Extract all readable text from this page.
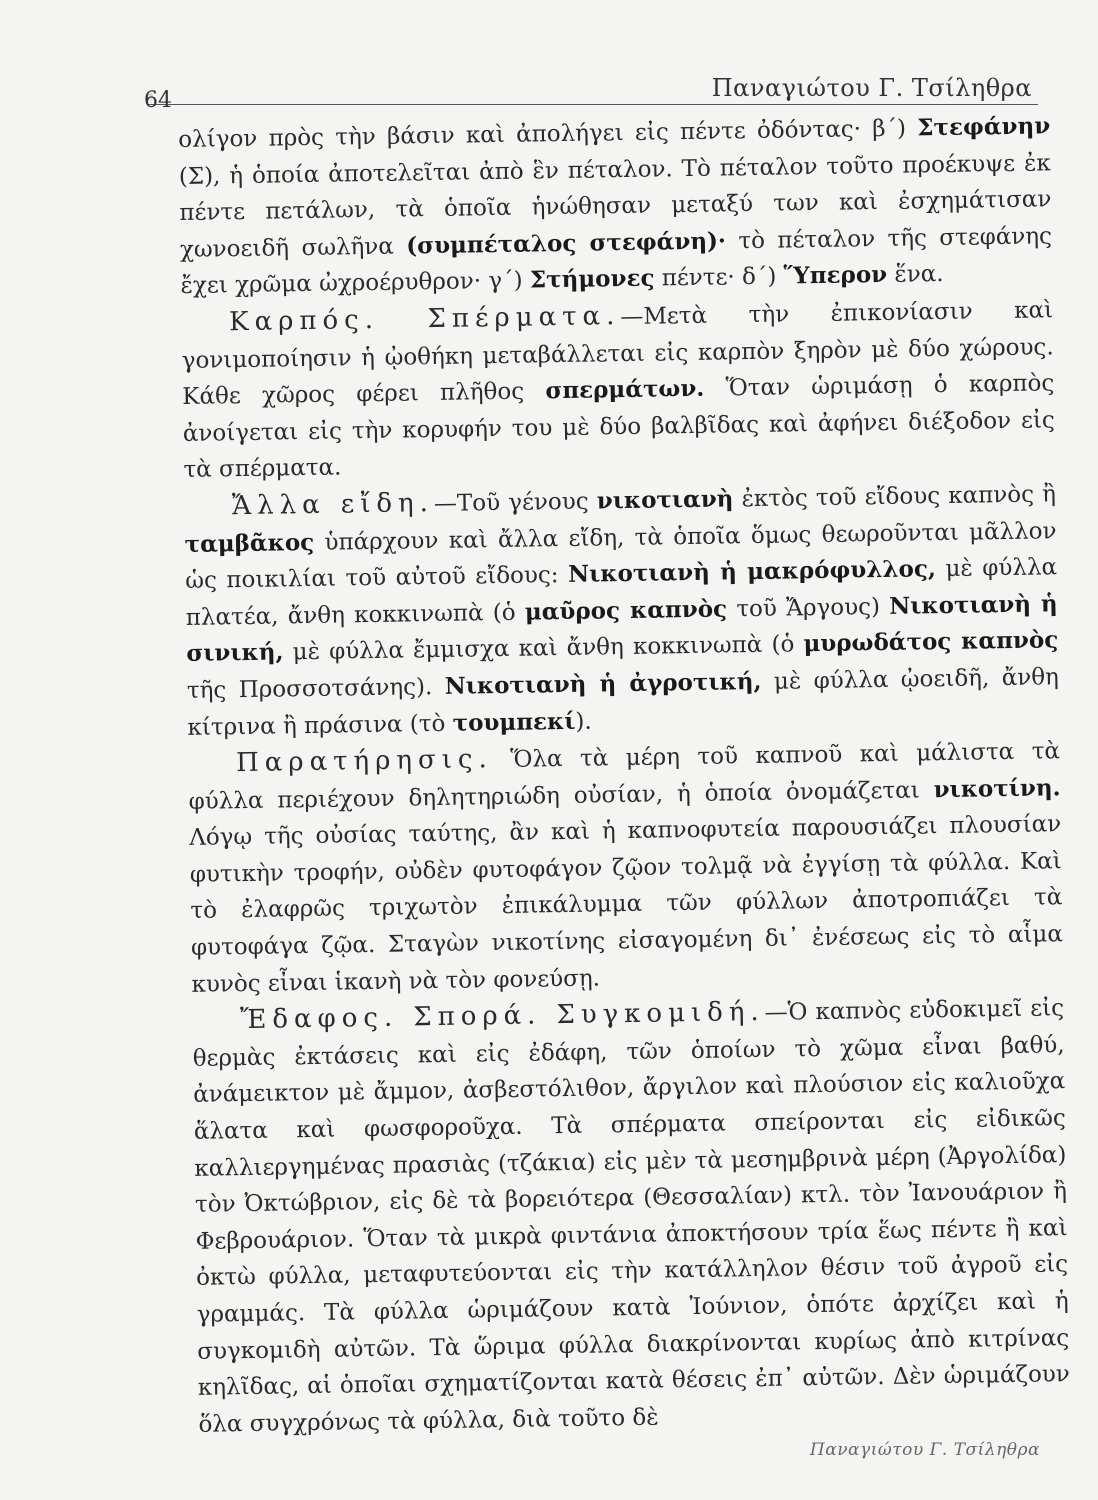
64	Παναγιώτου Γ. Τσίληθρα

ολίγον πρὸς τὴν βάσιν καὶ ἀπολήγει εἰς πέντε ὀδόντας· β΄) Στεφάνην (Σ), ἡ ὁποία ἀποτελεῖται ἀπὸ ἓν πέταλον. Τὸ πέταλον τοῦτο προέκυψε ἐκ πέντε πετάλων, τὰ ὁποῖα ἡνώθησαν μεταξύ των καὶ ἐσχημάτισαν χωνοειδῆ σωλῆνα (συμπέταλος στεφάνη)· τὸ πέταλον τῆς στεφάνης ἔχει χρῶμα ὠχροέρυθρον· γ΄) Στήμονες πέντε· δ΄) Ὕπερον ἕνα.

Καρπός. Σπέρματα.—Μετὰ τὴν ἐπικονίασιν καὶ γονιμοποίησιν ἡ ᾠοθήκη μεταβάλλεται εἰς καρπὸν ξηρὸν μὲ δύο χώρους. Κάθε χῶρος φέρει πλῆθος σπερμάτων. Ὅταν ὡριμάσῃ ὁ καρπὸς ἀνοίγεται εἰς τὴν κορυφήν του μὲ δύο βαλβῖδας καὶ ἀφήνει διέξοδον εἰς τὰ σπέρματα.

Ἄλλα εἴδη.—Τοῦ γένους νικοτιανὴ ἐκτὸς τοῦ εἴδους καπνὸς ἢ ταμβᾶκος ὑπάρχουν καὶ ἄλλα εἴδη, τὰ ὁποῖα ὅμως θεωροῦνται μᾶλλον ὡς ποικιλίαι τοῦ αὐτοῦ εἴδους: Νικοτιανὴ ἡ μακρόφυλλος, μὲ φύλλα πλατέα, ἄνθη κοκκινωπὰ (ὁ μαῦρος καπνὸς τοῦ Ἄργους) Νικοτιανὴ ἡ σινική, μὲ φύλλα ἔμμισχα καὶ ἄνθη κοκκινωπὰ (ὁ μυρωδάτος καπνὸς τῆς Προσσοτσάνης). Νικοτιανὴ ἡ ἀγροτική, μὲ φύλλα ᾠοειδῆ, ἄνθη κίτρινα ἢ πράσινα (τὸ τουμπεκί).

Παρατήρησις. Ὅλα τὰ μέρη τοῦ καπνοῦ καὶ μάλιστα τὰ φύλλα περιέχουν δηλητηριώδη οὐσίαν, ἡ ὁποία ὀνομάζεται νικοτίνη. Λόγῳ τῆς οὐσίας ταύτης, ἂν καὶ ἡ καπνοφυτεία παρουσιάζει πλουσίαν φυτικὴν τροφήν, οὐδὲν φυτοφάγον ζῷον τολμᾷ νὰ ἐγγίσῃ τὰ φύλλα. Καὶ τὸ ἐλαφρῶς τριχωτὸν ἐπικάλυμμα τῶν φύλλων ἀποτροπιάζει τὰ φυτοφάγα ζῷα. Σταγὼν νικοτίνης εἰσαγομένη δι᾽ ἐνέσεως εἰς τὸ αἷμα κυνὸς εἶναι ἱκανὴ νὰ τὸν φονεύσῃ.

Ἔδαφος. Σπορά. Συγκομιδή.—Ὁ καπνὸς εὐδοκιμεῖ εἰς θερμὰς ἐκτάσεις καὶ εἰς ἐδάφη, τῶν ὁποίων τὸ χῶμα εἶναι βαθύ, ἀνάμεικτον μὲ ἄμμον, ἀσβεστόλιθον, ἄργιλον καὶ πλούσιον εἰς καλιοῦχα ἅλατα καὶ φωσφοροῦχα. Τὰ σπέρματα σπείρονται εἰς εἰδικῶς καλλιεργημένας πρασιὰς (τζάκια) εἰς μὲν τὰ μεσημβρινὰ μέρη (Ἀργολίδα) τὸν Ὀκτώβριον, εἰς δὲ τὰ βορειότερα (Θεσσαλίαν) κτλ. τὸν Ἰανουάριον ἢ Φεβρουάριον. Ὅταν τὰ μικρὰ φιντάνια ἀποκτήσουν τρία ἕως πέντε ἢ καὶ ὀκτὼ φύλλα, μεταφυτεύονται εἰς τὴν κατάλληλον θέσιν τοῦ ἀγροῦ εἰς γραμμάς. Τὰ φύλλα ὡριμάζουν κατὰ Ἰούνιον, ὁπότε ἀρχίζει καὶ ἡ συγκομιδὴ αὐτῶν. Τὰ ὥριμα φύλλα διακρίνονται κυρίως ἀπὸ κιτρίνας κηλῖδας, αἱ ὁποῖαι σχηματίζονται κατὰ θέσεις ἐπ᾽ αὐτῶν. Δὲν ὡριμάζουν ὅλα συγχρόνως τὰ φύλλα, διὰ τοῦτο δὲ

Παναγιώτου Γ. Τσίληθρα
